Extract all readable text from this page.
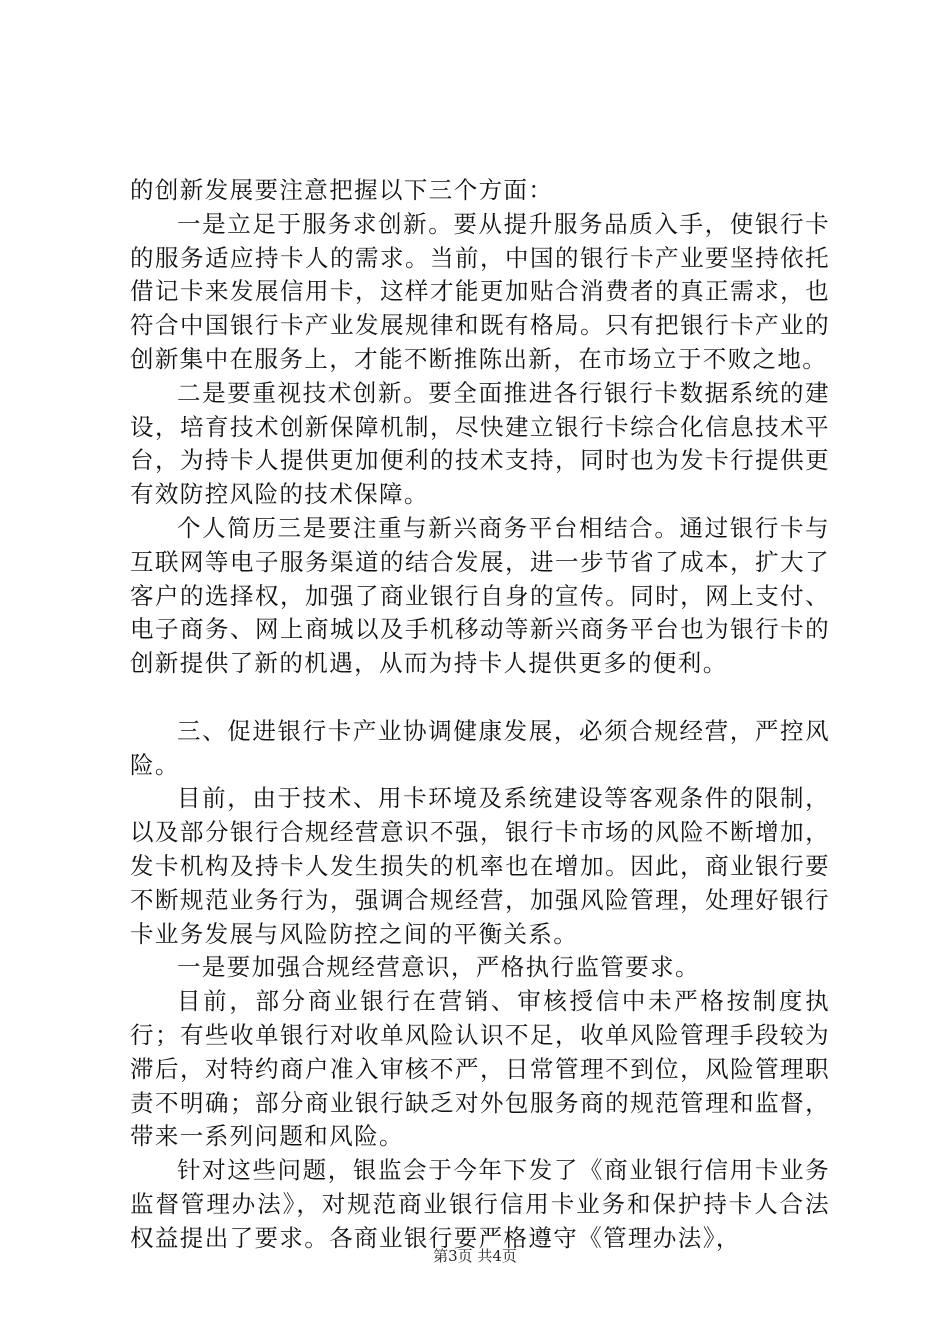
的创新发展要注意把握以下三个方面：

一是立足于服务求创新。要从提升服务品质入手，使银行卡的服务适应持卡人的需求。当前，中国的银行卡产业要坚持依托借记卡来发展信用卡，这样才能更加贴合消费者的真正需求，也符合中国银行卡产业发展规律和既有格局。只有把银行卡产业的创新集中在服务上，才能不断推陈出新，在市场立于不败之地。

二是要重视技术创新。要全面推进各行银行卡数据系统的建设，培育技术创新保障机制，尽快建立银行卡综合化信息技术平台，为持卡人提供更加便利的技术支持，同时也为发卡行提供更有效防控风险的技术保障。

个人简历三是要注重与新兴商务平台相结合。通过银行卡与互联网等电子服务渠道的结合发展，进一步节省了成本，扩大了客户的选择权，加强了商业银行自身的宣传。同时，网上支付、电子商务、网上商城以及手机移动等新兴商务平台也为银行卡的创新提供了新的机遇，从而为持卡人提供更多的便利。

三、促进银行卡产业协调健康发展，必须合规经营，严控风险。

目前，由于技术、用卡环境及系统建设等客观条件的限制，以及部分银行合规经营意识不强，银行卡市场的风险不断增加，发卡机构及持卡人发生损失的机率也在增加。因此，商业银行要不断规范业务行为，强调合规经营，加强风险管理，处理好银行卡业务发展与风险防控之间的平衡关系。

一是要加强合规经营意识，严格执行监管要求。

目前，部分商业银行在营销、审核授信中未严格按制度执行；有些收单银行对收单风险认识不足，收单风险管理手段较为滞后，对特约商户准入审核不严，日常管理不到位，风险管理职责不明确；部分商业银行缺乏对外包服务商的规范管理和监督，带来一系列问题和风险。

针对这些问题，银监会于今年下发了《商业银行信用卡业务监督管理办法》，对规范商业银行信用卡业务和保护持卡人合法权益提出了要求。各商业银行要严格遵守《管理办法》，

第3页 共4页
